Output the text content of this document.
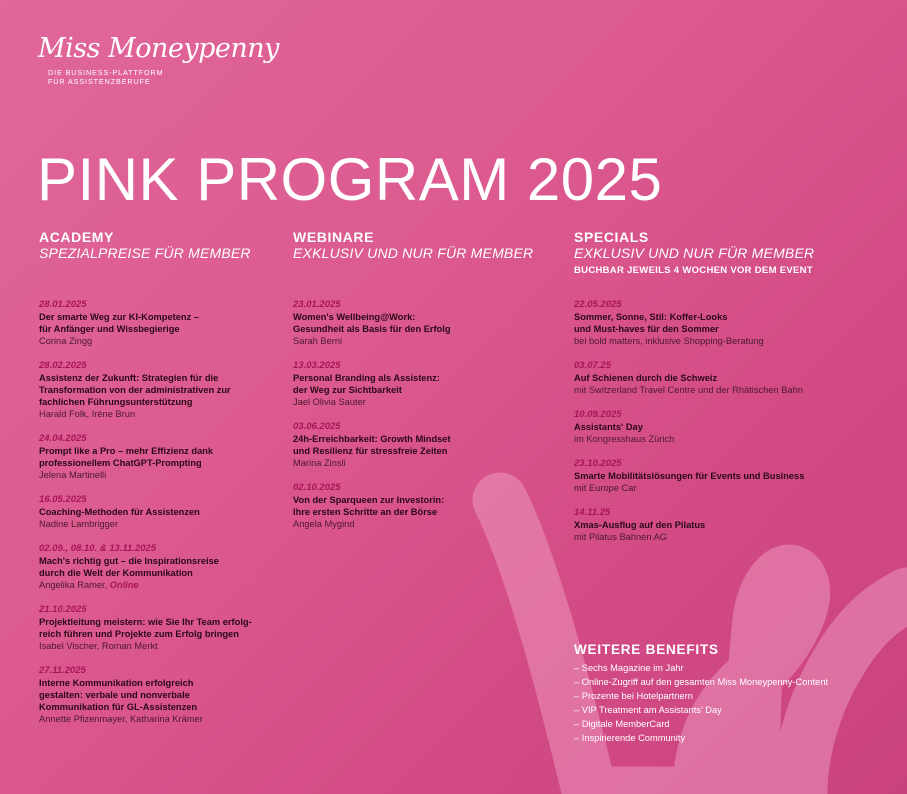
Miss Moneypenny
DIE BUSINESS-PLATTFORM
FÜR ASSISTENZBERUFE
PINK PROGRAM 2025
ACADEMY
SPEZIALPREISE FÜR MEMBER
28.01.2025
Der smarte Weg zur KI-Kompetenz –
für Anfänger und Wissbegierige
Corina Zingg
28.02.2025
Assistenz der Zukunft: Strategien für die
Transformation von der administrativen zur
fachlichen Führungsunterstützung
Harald Folk, Irène Brun
24.04.2025
Prompt like a Pro – mehr Effizienz dank
professionellem ChatGPT-Prompting
Jelena Martinelli
16.05.2025
Coaching-Methoden für Assistenzen
Nadine Lambrigger
02.09., 08.10. & 13.11.2025
Mach's richtig gut – die Inspirationsreise
durch die Welt der Kommunikation
Angelika Ramer, Online
21.10.2025
Projektleitung meistern: wie Sie Ihr Team erfolg-
reich führen und Projekte zum Erfolg bringen
Isabel Vischer, Roman Merkt
27.11.2025
Interne Kommunikation erfolgreich
gestalten: verbale und nonverbale
Kommunikation für GL-Assistenzen
Annette Pfizenmayer, Katharina Krämer
WEBINARE
EXKLUSIV UND NUR FÜR MEMBER
23.01.2025
Women's Wellbeing@Work:
Gesundheit als Basis für den Erfolg
Sarah Berni
13.03.2025
Personal Branding als Assistenz:
der Weg zur Sichtbarkeit
Jael Olivia Sauter
03.06.2025
24h-Erreichbarkeit: Growth Mindset
und Resilienz für stressfreie Zeiten
Marina Zinsli
02.10.2025
Von der Sparqueen zur Investorin:
Ihre ersten Schritte an der Börse
Angela Mygind
SPECIALS
EXKLUSIV UND NUR FÜR MEMBER
BUCHBAR JEWEILS 4 WOCHEN VOR DEM EVENT
22.05.2025
Sommer, Sonne, Stil: Koffer-Looks
und Must-haves für den Sommer
bei bold matters, inklusive Shopping-Beratung
03.07.25
Auf Schienen durch die Schweiz
mit Switzerland Travel Centre und der Rhätischen Bahn
10.09.2025
Assistants' Day
im Kongresshaus Zürich
23.10.2025
Smarte Mobilitätslösungen für Events und Business
mit Europe Car
14.11.25
Xmas-Ausflug auf den Pilatus
mit Pilatus Bahnen AG
WEITERE BENEFITS
– Sechs Magazine im Jahr
– Online-Zugriff auf den gesamten Miss Moneypenny-Content
– Prozente bei Hotelpartnern
– VIP Treatment am Assistants' Day
– Digitale MemberCard
– Inspirierende Community
